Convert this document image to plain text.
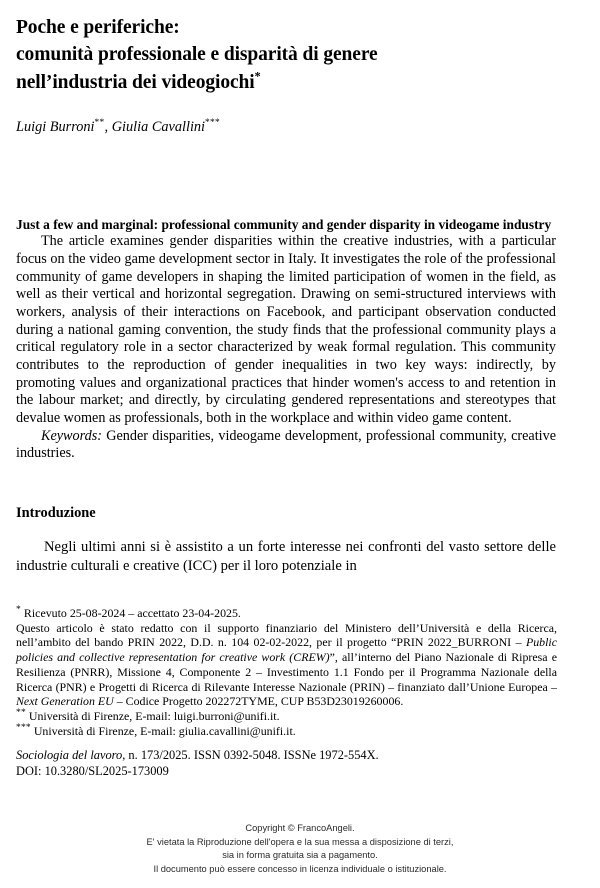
Poche e periferiche:
comunità professionale e disparità di genere
nell’industria dei videogiochi*
Luigi Burroni**, Giulia Cavallini***

Just a few and marginal: professional community and gender disparity in videogame industry

The article examines gender disparities within the creative industries, with a particular focus on the video game development sector in Italy. It investigates the role of the professional community of game developers in shaping the limited participation of women in the field, as well as their vertical and horizontal segregation. Drawing on semi-structured interviews with workers, analysis of their interactions on Facebook, and participant observation conducted during a national gaming convention, the study finds that the professional community plays a critical regulatory role in a sector characterized by weak formal regulation. This community contributes to the reproduction of gender inequalities in two key ways: indirectly, by promoting values and organizational practices that hinder women's access to and retention in the labour market; and directly, by circulating gendered representations and stereotypes that devalue women as professionals, both in the workplace and within video game content.

Keywords: Gender disparities, videogame development, professional community, creative industries.

Introduzione

Negli ultimi anni si è assistito a un forte interesse nei confronti del vasto settore delle industrie culturali e creative (ICC) per il loro potenziale in

* Ricevuto 25-08-2024 – accettato 23-04-2025.

Questo articolo è stato redatto con il supporto finanziario del Ministero dell’Università e della Ricerca, nell’ambito del bando PRIN 2022, D.D. n. 104 02-02-2022, per il progetto “PRIN 2022_BURRONI – Public policies and collective representation for creative work (CREW)”, all’interno del Piano Nazionale di Ripresa e Resilienza (PNRR), Missione 4, Componente 2 – Investimento 1.1 Fondo per il Programma Nazionale della Ricerca (PNR) e Progetti di Ricerca di Rilevante Interesse Nazionale (PRIN) – finanziato dall’Unione Europea – Next Generation EU – Codice Progetto 202272TYME, CUP B53D23019260006.

** Università di Firenze, E-mail: luigi.burroni@unifi.it.

*** Università di Firenze, E-mail: giulia.cavallini@unifi.it.

Sociologia del lavoro, n. 173/2025. ISSN 0392-5048. ISSNe 1972-554X.

DOI: 10.3280/SL2025-173009

Copyright © FrancoAngeli.
E' vietata la Riproduzione dell'opera e la sua messa a disposizione di terzi,
sia in forma gratuita sia a pagamento.
Il documento può essere concesso in licenza individuale o istituzionale.
